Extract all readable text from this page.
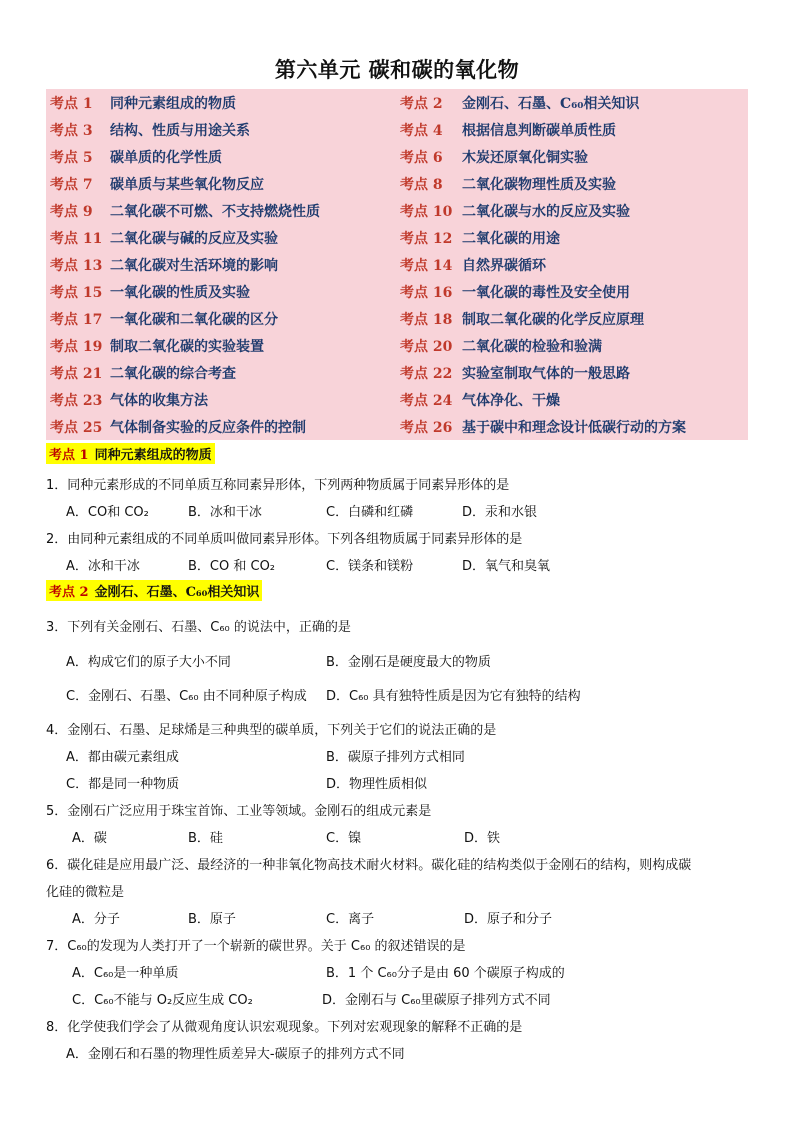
第六单元 碳和碳的氧化物
考点 1 同种元素组成的物质	考点 2 金刚石、石墨、C₆₀相关知识
考点 3 结构、性质与用途关系	考点 4 根据信息判断碳单质性质
考点 5 碳单质的化学性质	考点 6 木炭还原氧化铜实验
考点 7 碳单质与某些氧化物反应	考点 8 二氧化碳物理性质及实验
考点 9 二氧化碳不可燃、不支持燃烧性质	考点 10 二氧化碳与水的反应及实验
考点 11 二氧化碳与碱的反应及实验	考点 12 二氧化碳的用途
考点 13 二氧化碳对生活环境的影响	考点 14 自然界碳循环
考点 15 一氧化碳的性质及实验	考点 16 一氧化碳的毒性及安全使用
考点 17 一氧化碳和二氧化碳的区分	考点 18 制取二氧化碳的化学反应原理
考点 19 制取二氧化碳的实验装置	考点 20 二氧化碳的检验和验满
考点 21 二氧化碳的综合考查	考点 22 实验室制取气体的一般思路
考点 23 气体的收集方法	考点 24 气体净化、干燥
考点 25 气体制备实验的反应条件的控制	考点 26 基于碳中和理念设计低碳行动的方案
考点 1 同种元素组成的物质
1．同种元素形成的不同单质互称同素异形体，下列两种物质属于同素异形体的是
A．CO和 CO₂	B．冰和干冰	C．白磷和红磷	D．汞和水银
2．由同种元素组成的不同单质叫做同素异形体。下列各组物质属于同素异形体的是
A．冰和干冰	B．CO 和 CO₂	C．镁条和镁粉	D．氧气和臭氧
考点 2 金刚石、石墨、C₆₀相关知识
3．下列有关金刚石、石墨、C₆₀ 的说法中，正确的是
A．构成它们的原子大小不同	B．金刚石是硬度最大的物质
C．金刚石、石墨、C₆₀ 由不同种原子构成 D．C₆₀ 具有独特性质是因为它有独特的结构
4．金刚石、石墨、足球烯是三种典型的碳单质，下列关于它们的说法正确的是
A．都由碳元素组成	B．碳原子排列方式相同
C．都是同一种物质	D．物理性质相似
5．金刚石广泛应用于珠宝首饰、工业等领域。金刚石的组成元素是
A．碳	B．硅	C．镍	D．铁
6．碳化硅是应用最广泛、最经济的一种非氧化物高技术耐火材料。碳化硅的结构类似于金刚石的结构，则构成碳
化硅的微粒是
A．分子	B．原子	C．离子	D．原子和分子
7．C₆₀的发现为人类打开了一个崭新的碳世界。关于 C₆₀ 的叙述错误的是
A．C₆₀是一种单质	B．1 个 C₆₀分子是由 60 个碳原子构成的
C．C₆₀不能与 O₂反应生成 CO₂	D．金刚石与 C₆₀里碳原子排列方式不同
8．化学使我们学会了从微观角度认识宏观现象。下列对宏观现象的解释不正确的是
A．金刚石和石墨的物理性质差异大-碳原子的排列方式不同
